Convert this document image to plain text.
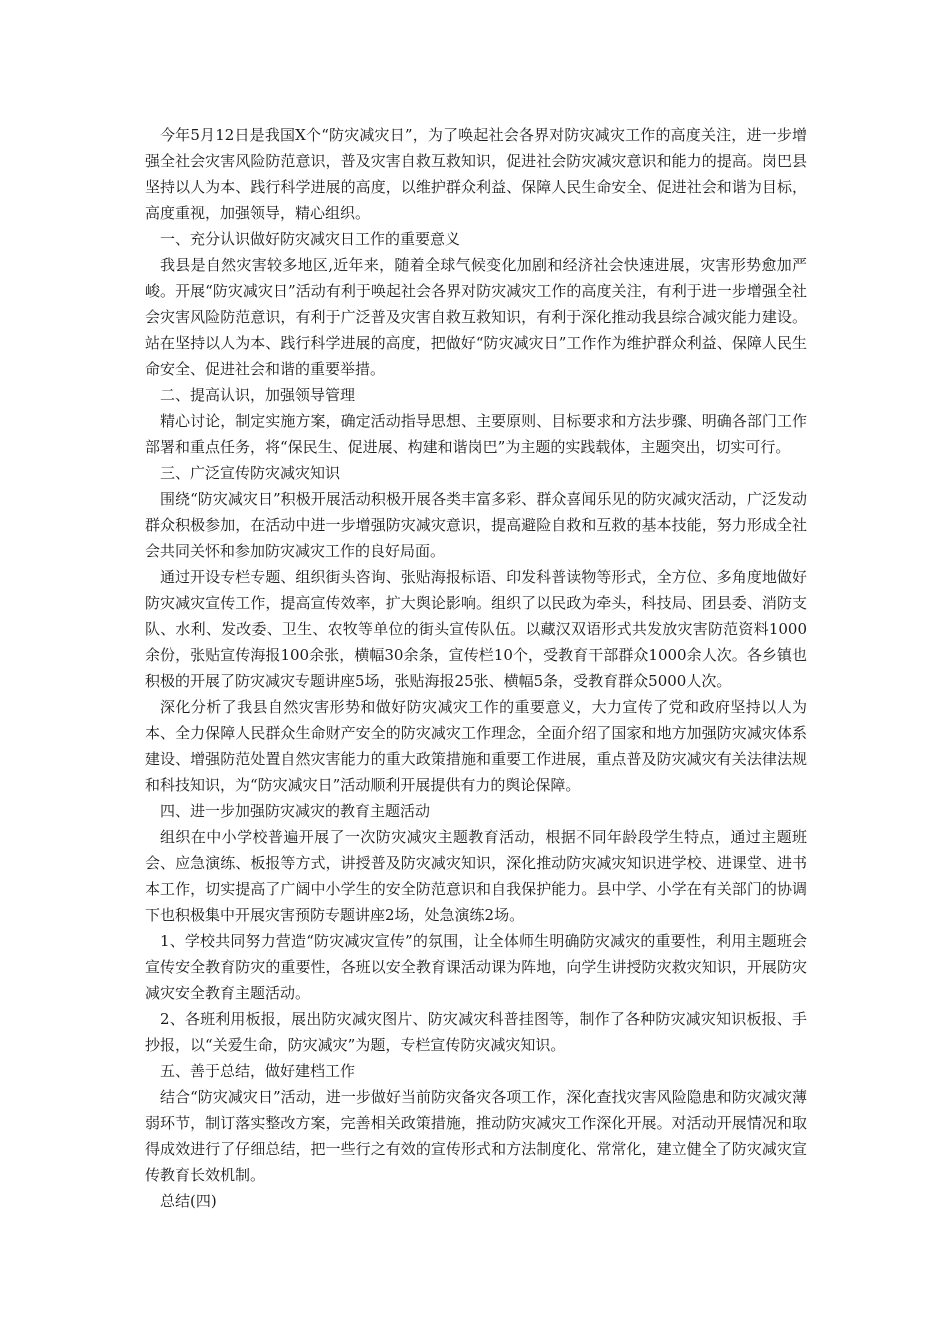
今年5月12日是我国X个“防灾减灾日”，为了唤起社会各界对防灾减灾工作的高度关注，进一步增强全社会灾害风险防范意识，普及灾害自救互救知识，促进社会防灾减灾意识和能力的提高。岗巴县坚持以人为本、践行科学进展的高度，以维护群众利益、保障人民生命安全、促进社会和谐为目标，高度重视，加强领导，精心组织。

一、充分认识做好防灾减灾日工作的重要意义

我县是自然灾害较多地区,近年来，随着全球气候变化加剧和经济社会快速进展，灾害形势愈加严峻。开展“防灾减灾日”活动有利于唤起社会各界对防灾减灾工作的高度关注，有利于进一步增强全社会灾害风险防范意识，有利于广泛普及灾害自救互救知识，有利于深化推动我县综合减灾能力建设。站在坚持以人为本、践行科学进展的高度，把做好“防灾减灾日”工作作为维护群众利益、保障人民生命安全、促进社会和谐的重要举措。

二、提高认识，加强领导管理

精心讨论，制定实施方案，确定活动指导思想、主要原则、目标要求和方法步骤、明确各部门工作部署和重点任务，将“保民生、促进展、构建和谐岗巴”为主题的实践载体，主题突出，切实可行。

三、广泛宣传防灾减灾知识

围绕“防灾减灾日”积极开展活动积极开展各类丰富多彩、群众喜闻乐见的防灾减灾活动，广泛发动群众积极参加，在活动中进一步增强防灾减灾意识，提高避险自救和互救的基本技能，努力形成全社会共同关怀和参加防灾减灾工作的良好局面。

通过开设专栏专题、组织街头咨询、张贴海报标语、印发科普读物等形式，全方位、多角度地做好防灾减灾宣传工作，提高宣传效率，扩大舆论影响。组织了以民政为牵头，科技局、团县委、消防支队、水利、发改委、卫生、农牧等单位的街头宣传队伍。以藏汉双语形式共发放灾害防范资料1000余份，张贴宣传海报100余张，横幅30余条，宣传栏10个，受教育干部群众1000余人次。各乡镇也积极的开展了防灾减灾专题讲座5场，张贴海报25张、横幅5条，受教育群众5000人次。

深化分析了我县自然灾害形势和做好防灾减灾工作的重要意义，大力宣传了党和政府坚持以人为本、全力保障人民群众生命财产安全的防灾减灾工作理念，全面介绍了国家和地方加强防灾减灾体系建设、增强防范处置自然灾害能力的重大政策措施和重要工作进展，重点普及防灾减灾有关法律法规和科技知识，为“防灾减灾日”活动顺利开展提供有力的舆论保障。

四、进一步加强防灾减灾的教育主题活动

组织在中小学校普遍开展了一次防灾减灾主题教育活动，根据不同年龄段学生特点，通过主题班会、应急演练、板报等方式，讲授普及防灾减灾知识，深化推动防灾减灾知识进学校、进课堂、进书本工作，切实提高了广阔中小学生的安全防范意识和自我保护能力。县中学、小学在有关部门的协调下也积极集中开展灾害预防专题讲座2场，处急演练2场。

1、学校共同努力营造“防灾减灾宣传”的氛围，让全体师生明确防灾减灾的重要性，利用主题班会宣传安全教育防灾的重要性，各班以安全教育课活动课为阵地，向学生讲授防灾救灾知识，开展防灾减灾安全教育主题活动。

2、各班利用板报，展出防灾减灾图片、防灾减灾科普挂图等，制作了各种防灾减灾知识板报、手抄报，以“关爱生命，防灾减灾”为题，专栏宣传防灾减灾知识。

五、善于总结，做好建档工作

结合“防灾减灾日”活动，进一步做好当前防灾备灾各项工作，深化查找灾害风险隐患和防灾减灾薄弱环节，制订落实整改方案，完善相关政策措施，推动防灾减灾工作深化开展。对活动开展情况和取得成效进行了仔细总结，把一些行之有效的宣传形式和方法制度化、常常化，建立健全了防灾减灾宣传教育长效机制。

总结(四)
